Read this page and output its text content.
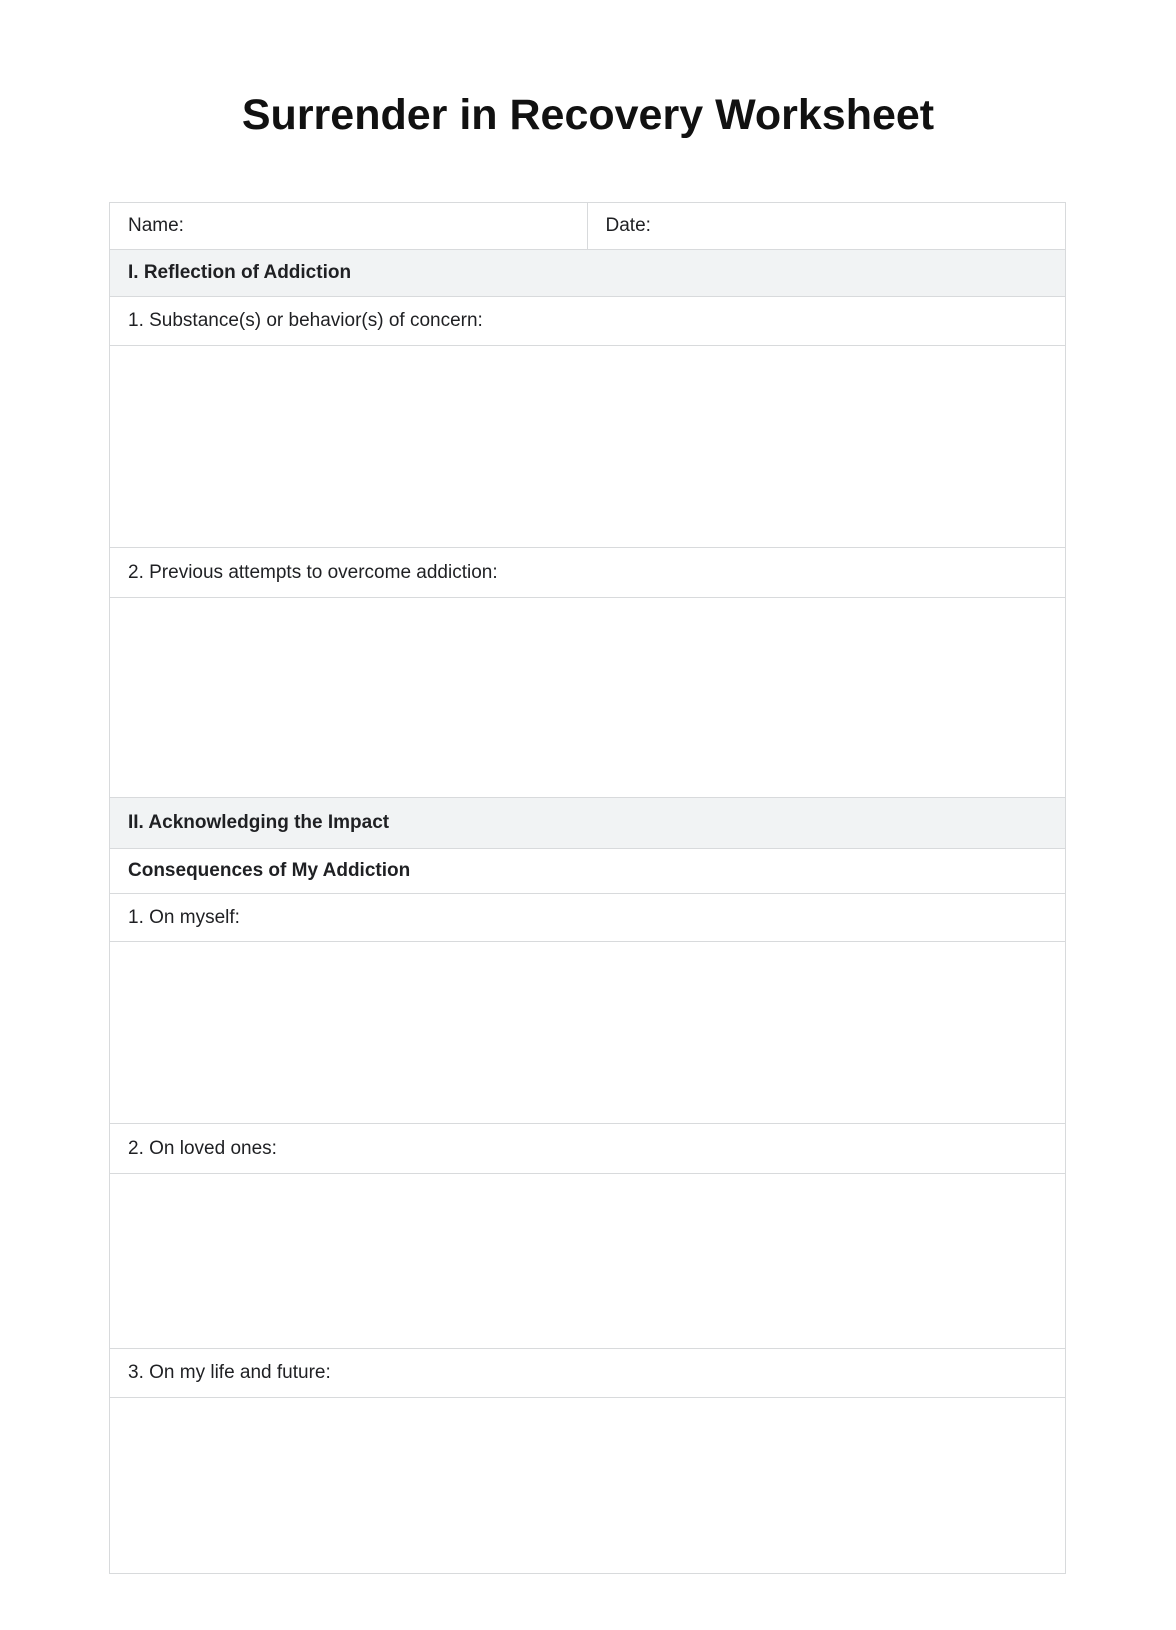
Surrender in Recovery Worksheet
Name:	Date:
I. Reflection of Addiction
1. Substance(s) or behavior(s) of concern:
2. Previous attempts to overcome addiction:
II. Acknowledging the Impact
Consequences of My Addiction
1. On myself:
2. On loved ones:
3. On my life and future:
